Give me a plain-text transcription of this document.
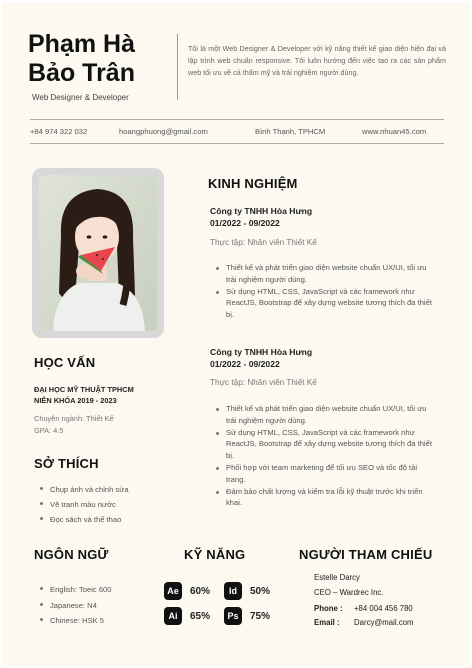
Phạm Hà
Bảo Trân
Web Designer & Developer
Tôi là một Web Designer & Developer với kỹ năng thiết kế giao diện hiện đại và lập trình web chuẩn responsive. Tôi luôn hướng đến việc tạo ra các sản phẩm web tối ưu về cả thẩm mỹ và trải nghiệm người dùng.
+84 974 322 032	hoangphuong@gmail.com	Bình Thạnh, TPHCM	www.nhuan45.com
HỌC VẤN
ĐẠI HỌC MỸ THUẬT TPHCM
NIÊN KHÓA 2019 - 2023
Chuyên ngành: Thiết Kế
GPA: 4.5
SỞ THÍCH
Chụp ảnh và chỉnh sửa
Vẽ tranh màu nước
Đọc sách và thể thao
KINH NGHIỆM
Công ty TNHH Hòa Hưng
01/2022 - 09/2022
Thực tập: Nhân viên Thiết Kế
Thiết kế và phát triển giao diện website chuẩn UX/UI, tối ưu trải nghiệm người dùng.
Sử dụng HTML, CSS, JavaScript và các framework như ReactJS, Bootstrap để xây dựng website tương thích đa thiết bị.
Công ty TNHH Hòa Hưng
01/2022 - 09/2022
Thực tập: Nhân viên Thiết Kế
Thiết kế và phát triển giao diện website chuẩn UX/UI, tối ưu trải nghiệm người dùng.
Sử dụng HTML, CSS, JavaScript và các framework như ReactJS, Bootstrap để xây dựng website tương thích đa thiết bị.
Phối hợp với team marketing để tối ưu SEO và tốc độ tải trang.
Đảm bảo chất lượng và kiểm tra lỗi kỹ thuật trước khi triển khai.
NGÔN NGỮ
English: Toeic 600
Japanese: N4
Chinese: HSK 5
KỸ NĂNG
Ae	60%	Id	50%
Ai	65%	Ps	75%
NGƯỜI THAM CHIẾU
Estelle Darcy
CEO – Wardrec Inc.
Phone : +84 004 456 780
Email : Darcy@mail.com
